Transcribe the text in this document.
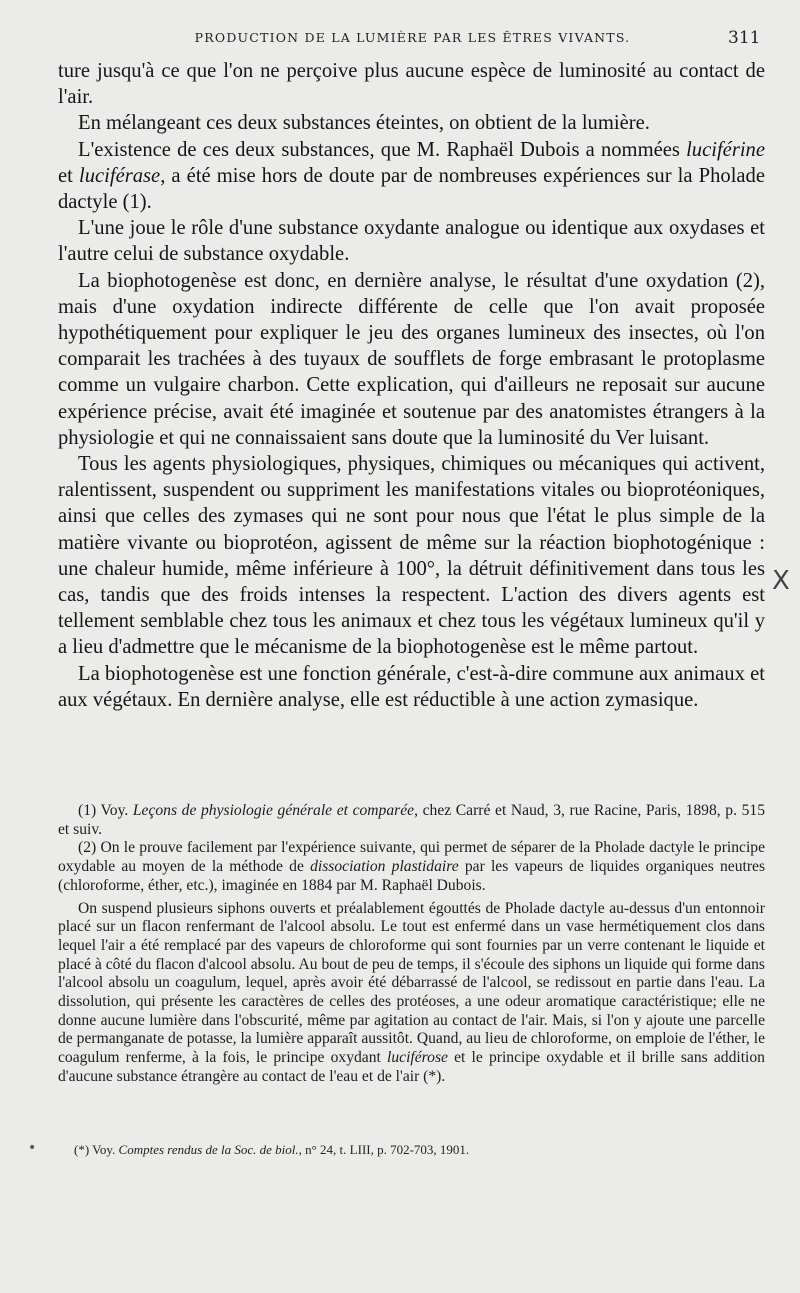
PRODUCTION DE LA LUMIÈRE PAR LES ÊTRES VIVANTS.	311

ture jusqu'à ce que l'on ne perçoive plus aucune espèce de luminosité au contact de l'air.

En mélangeant ces deux substances éteintes, on obtient de la lumière.

L'existence de ces deux substances, que M. Raphaël Dubois a nommées luciférine et luciférase, a été mise hors de doute par de nombreuses expériences sur la Pholade dactyle (1).

L'une joue le rôle d'une substance oxydante analogue ou identique aux oxydases et l'autre celui de substance oxydable.

La biophotogenèse est donc, en dernière analyse, le résultat d'une oxydation (2), mais d'une oxydation indirecte différente de celle que l'on avait proposée hypothétiquement pour expliquer le jeu des organes lumineux des insectes, où l'on comparait les trachées à des tuyaux de soufflets de forge embrasant le protoplasme comme un vulgaire charbon. Cette explication, qui d'ailleurs ne reposait sur aucune expérience précise, avait été imaginée et soutenue par des anatomistes étrangers à la physiologie et qui ne connaissaient sans doute que la luminosité du Ver luisant.

Tous les agents physiologiques, physiques, chimiques ou mécaniques qui activent, ralentissent, suspendent ou suppriment les manifestations vitales ou bioprotéoniques, ainsi que celles des zymases qui ne sont pour nous que l'état le plus simple de la matière vivante ou bioprotéon, agissent de même sur la réaction biophotogénique : une chaleur humide, même inférieure à 100°, la détruit définitivement dans tous les cas, tandis que des froids intenses la respectent. L'action des divers agents est tellement semblable chez tous les animaux et chez tous les végétaux lumineux qu'il y a lieu d'admettre que le mécanisme de la biophotogenèse est le même partout.

La biophotogenèse est une fonction générale, c'est-à-dire commune aux animaux et aux végétaux. En dernière analyse, elle est réductible à une action zymasique.

(1) Voy. Leçons de physiologie générale et comparée, chez Carré et Naud, 3, rue Racine, Paris, 1898, p. 515 et suiv.

(2) On le prouve facilement par l'expérience suivante, qui permet de séparer de la Pholade dactyle le principe oxydable au moyen de la méthode de dissociation plastidaire par les vapeurs de liquides organiques neutres (chloroforme, éther, etc.), imaginée en 1884 par M. Raphaël Dubois.

On suspend plusieurs siphons ouverts et préalablement égouttés de Pholade dactyle au-dessus d'un entonnoir placé sur un flacon renfermant de l'alcool absolu. Le tout est enfermé dans un vase hermétiquement clos dans lequel l'air a été remplacé par des vapeurs de chloroforme qui sont fournies par un verre contenant le liquide et placé à côté du flacon d'alcool absolu. Au bout de peu de temps, il s'écoule des siphons un liquide qui forme dans l'alcool absolu un coagulum, lequel, après avoir été débarrassé de l'alcool, se redissout en partie dans l'eau. La dissolution, qui présente les caractères de celles des protéoses, a une odeur aromatique caractéristique; elle ne donne aucune lumière dans l'obscurité, même par agitation au contact de l'air. Mais, si l'on y ajoute une parcelle de permanganate de potasse, la lumière apparaît aussitôt. Quand, au lieu de chloroforme, on emploie de l'éther, le coagulum renferme, à la fois, le principe oxydant luciférose et le principe oxydable et il brille sans addition d'aucune substance étrangère au contact de l'eau et de l'air (*).

(*) Voy. Comptes rendus de la Soc. de biol., n° 24, t. LIII, p. 702-703, 1901.
X
•
